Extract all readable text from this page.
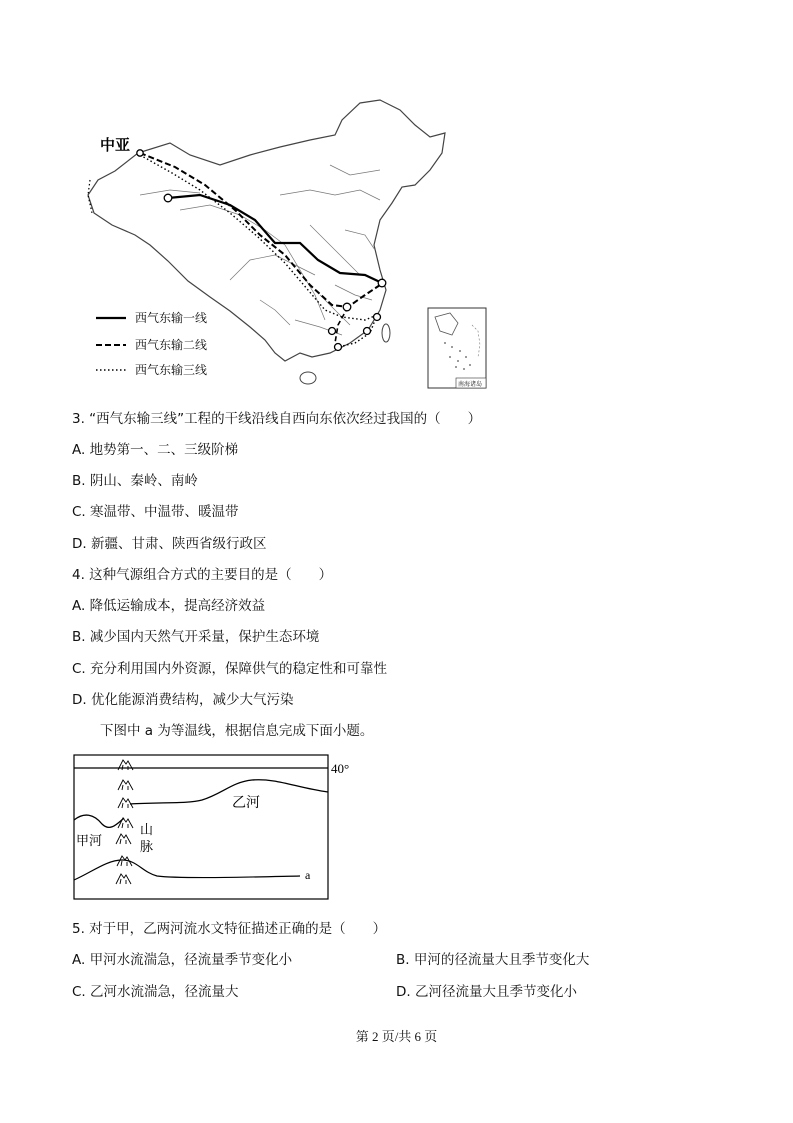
中亚
西气东输一线
西气东输二线
西气东输三线
南海诸岛
3. “西气东输三线”工程的干线沿线自西向东依次经过我国的（　　）
A. 地势第一、二、三级阶梯
B. 阴山、秦岭、南岭
C. 寒温带、中温带、暖温带
D. 新疆、甘肃、陕西省级行政区
4. 这种气源组合方式的主要目的是（　　）
A. 降低运输成本，提高经济效益
B. 减少国内天然气开采量，保护生态环境
C. 充分利用国内外资源，保障供气的稳定性和可靠性
D. 优化能源消费结构，减少大气污染
下图中 a 为等温线，根据信息完成下面小题。
40°
乙河
甲河
山
脉
a
5. 对于甲，乙两河流水文特征描述正确的是（　　）
A. 甲河水流湍急，径流量季节变化小	B. 甲河的径流量大且季节变化大
C. 乙河水流湍急，径流量大	D. 乙河径流量大且季节变化小
第 2 页/共 6 页
